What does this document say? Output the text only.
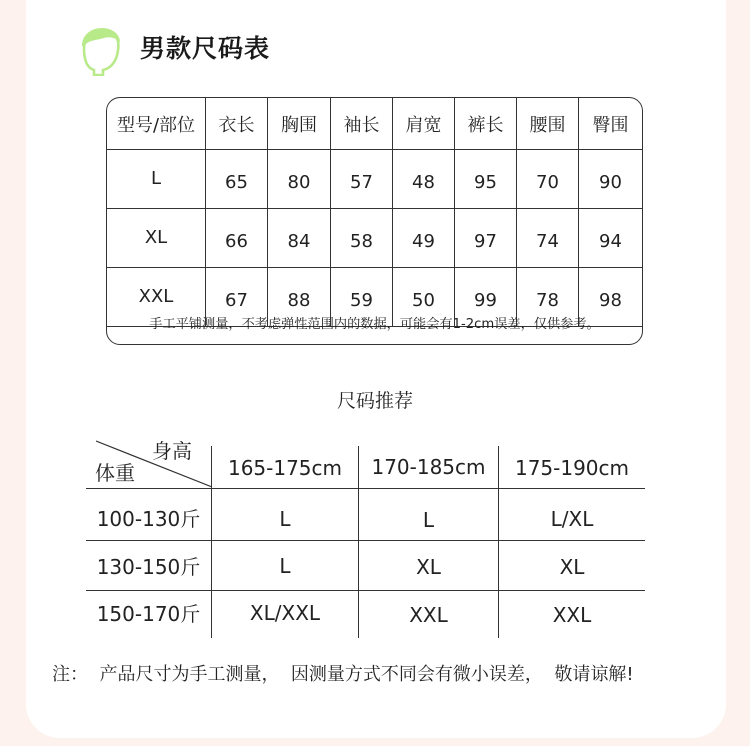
男款尺码表
型号/部位	衣长	胸围	袖长	肩宽	裤长	腰围	臀围
L	65	80	57	48	95	70	90
XL	66	84	58	49	97	74	94
XXL	67	88	59	50	99	78	98
手工平铺测量，不考虑弹性范围内的数据，可能会有1-2cm误差，仅供参考。
尺码推荐
身高
体重	165-175cm	170-185cm	175-190cm
100-130斤	L	L	L/XL
130-150斤	L	XL	XL
150-170斤	XL/XXL	XXL	XXL
注：  产品尺寸为手工测量，  因测量方式不同会有微小误差，  敬请谅解!
